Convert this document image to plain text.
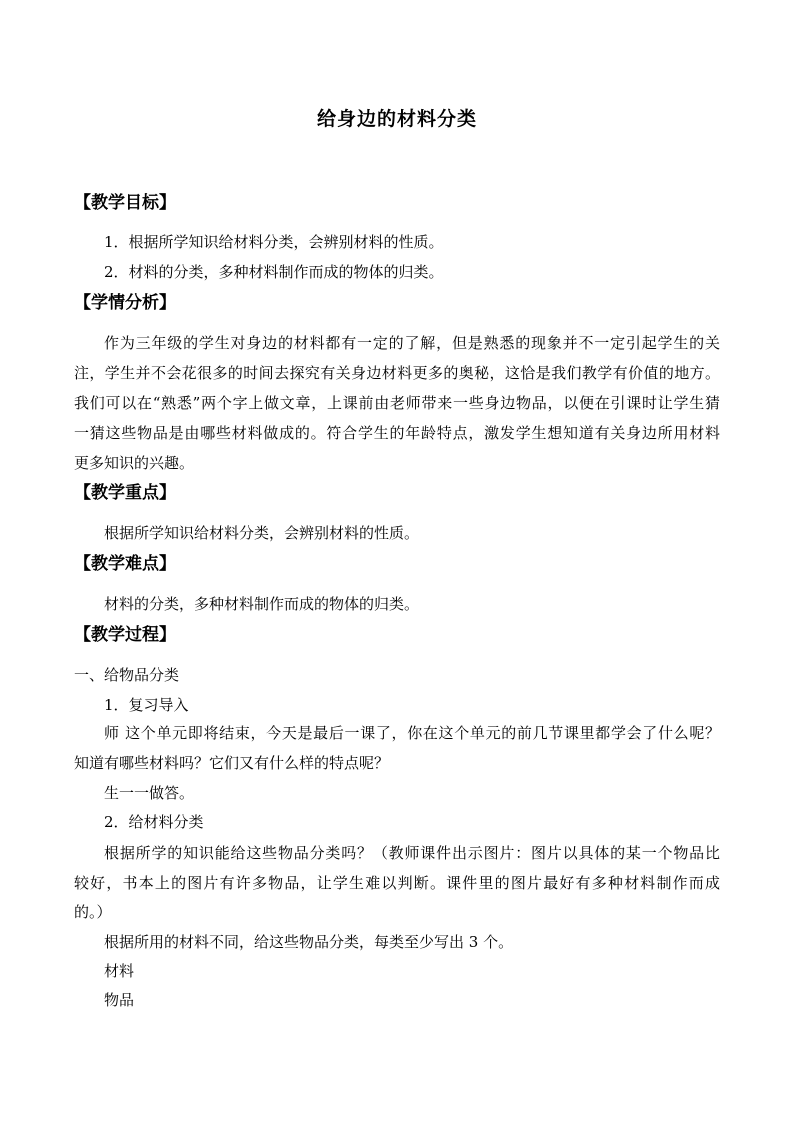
给身边的材料分类
【教学目标】
1．根据所学知识给材料分类，会辨别材料的性质。
2．材料的分类，多种材料制作而成的物体的归类。
【学情分析】
作为三年级的学生对身边的材料都有一定的了解，但是熟悉的现象并不一定引起学生的关
注，学生并不会花很多的时间去探究有关身边材料更多的奥秘，这恰是我们教学有价值的地方。
我们可以在“熟悉”两个字上做文章，上课前由老师带来一些身边物品，以便在引课时让学生猜
一猜这些物品是由哪些材料做成的。符合学生的年龄特点，激发学生想知道有关身边所用材料
更多知识的兴趣。
【教学重点】
根据所学知识给材料分类，会辨别材料的性质。
【教学难点】
材料的分类，多种材料制作而成的物体的归类。
【教学过程】
一、给物品分类
1．复习导入
师 这个单元即将结束，今天是最后一课了，你在这个单元的前几节课里都学会了什么呢？
知道有哪些材料吗？它们又有什么样的特点呢？
生一一做答。
2．给材料分类
根据所学的知识能给这些物品分类吗？（教师课件出示图片：图片以具体的某一个物品比
较好，书本上的图片有许多物品，让学生难以判断。课件里的图片最好有多种材料制作而成
的。）
根据所用的材料不同，给这些物品分类，每类至少写出 3 个。
材料
物品
